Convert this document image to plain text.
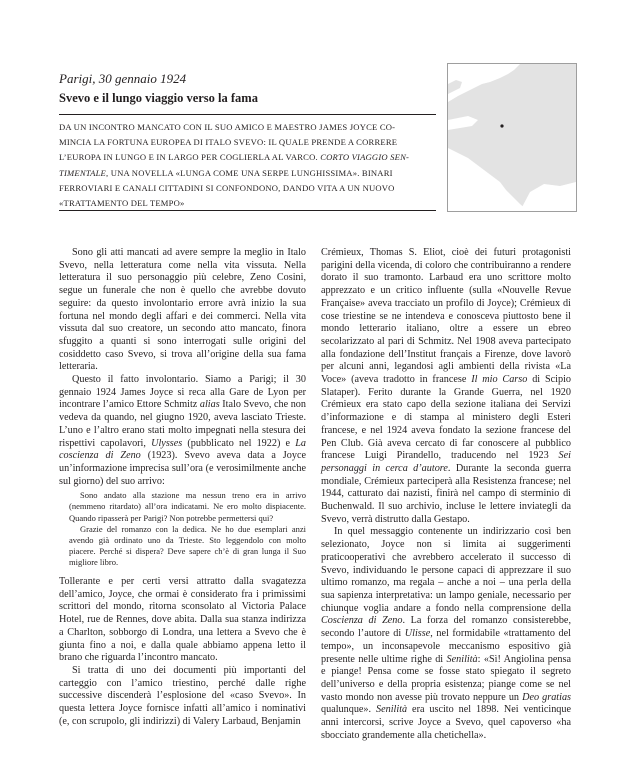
Parigi, 30 gennaio 1924

Svevo e il lungo viaggio verso la fama

DA UN INCONTRO MANCATO CON IL SUO AMICO E MAESTRO JAMES JOYCE CO-
MINCIA LA FORTUNA EUROPEA DI ITALO SVEVO: IL QUALE PRENDE A CORRERE
L’EUROPA IN LUNGO E IN LARGO PER COGLIERLA AL VARCO. CORTO VIAGGIO SEN-
TIMENTALE, UNA NOVELLA «LUNGA COME UNA SERPE LUNGHISSIMA». BINARI
FERROVIARI E CANALI CITTADINI SI CONFONDONO, DANDO VITA A UN NUOVO
«TRATTAMENTO DEL TEMPO»

Sono gli atti mancati ad avere sempre la meglio in Italo Svevo, nella letteratura come nella vita vissuta. Nella letteratura il suo personaggio più celebre, Zeno Cosini, segue un funerale che non è quello che avrebbe dovuto seguire: da questo involontario errore avrà inizio la sua fortuna nel mondo degli affari e dei commerci. Nella vita vissuta dal suo creatore, un secondo atto mancato, finora sfuggito a quanti si sono interrogati sulle origini del cosiddetto caso Svevo, si trova all’origine della sua fama letteraria.

Questo il fatto involontario. Siamo a Parigi; il 30 gennaio 1924 James Joyce si reca alla Gare de Lyon per incontrare l’amico Ettore Schmitz alias Italo Svevo, che non vedeva da quando, nel giugno 1920, aveva lasciato Trieste. L’uno e l’altro erano stati molto impegnati nella stesura dei rispettivi capolavori, Ulysses (pubblicato nel 1922) e La coscienza di Zeno (1923). Svevo aveva data a Joyce un’informazione imprecisa sull’ora (e verosimilmente anche sul giorno) del suo arrivo:

Sono andato alla stazione ma nessun treno era in arrivo (nemmeno ritardato) all’ora indicatami. Ne ero molto dispiacente. Quando ripasserà per Parigi? Non potrebbe permettersi qui?

Grazie del romanzo con la dedica. Ne ho due esemplari anzi avendo già ordinato uno da Trieste. Sto leggendolo con molto piacere. Perché si dispera? Deve sapere ch’è di gran lunga il Suo migliore libro.

Tollerante e per certi versi attratto dalla svagatezza dell’amico, Joyce, che ormai è considerato fra i primissimi scrittori del mondo, ritorna sconsolato al Victoria Palace Hotel, rue de Rennes, dove abita. Dalla sua stanza indirizza a Charlton, sobborgo di Londra, una lettera a Svevo che è giunta fino a noi, e dalla quale abbiamo appena letto il brano che riguarda l’incontro mancato.

Si tratta di uno dei documenti più importanti del carteggio con l’amico triestino, perché dalle righe successive discenderà l’esplosione del «caso Svevo». In questa lettera Joyce fornisce infatti all’amico i nominativi (e, con scrupolo, gli indirizzi) di Valery Larbaud, Benjamin

Crémieux, Thomas S. Eliot, cioè dei futuri protagonisti parigini della vicenda, di coloro che contribuiranno a rendere dorato il suo tramonto. Larbaud era uno scrittore molto apprezzato e un critico influente (sulla «Nouvelle Revue Française» aveva tracciato un profilo di Joyce); Crémieux di cose triestine se ne intendeva e conosceva piuttosto bene il mondo letterario italiano, oltre a essere un ebreo secolarizzato al pari di Schmitz. Nel 1908 aveva partecipato alla fondazione dell’Institut français a Firenze, dove lavorò per alcuni anni, legandosi agli ambienti della rivista «La Voce» (aveva tradotto in francese Il mio Carso di Scipio Slataper). Ferito durante la Grande Guerra, nel 1920 Crémieux era stato capo della sezione italiana dei Servizi d’informazione e di stampa al ministero degli Esteri francese, e nel 1924 aveva fondato la sezione francese del Pen Club. Già aveva cercato di far conoscere al pubblico francese Luigi Pirandello, traducendo nel 1923 Sei personaggi in cerca d’autore. Durante la seconda guerra mondiale, Crémieux parteciperà alla Resistenza francese; nel 1944, catturato dai nazisti, finirà nel campo di sterminio di Buchenwald. Il suo archivio, incluse le lettere inviategli da Svevo, verrà distrutto dalla Gestapo.

In quel messaggio contenente un indirizzario così ben selezionato, Joyce non si limita ai suggerimenti praticooperativi che avrebbero accelerato il successo di Svevo, individuando le persone capaci di apprezzare il suo ultimo romanzo, ma regala – anche a noi – una perla della sua sapienza interpretativa: un lampo geniale, necessario per chiunque voglia andare a fondo nella comprensione della Coscienza di Zeno. La forza del romanzo consisterebbe, secondo l’autore di Ulisse, nel formidabile «trattamento del tempo», un inconsapevole meccanismo espositivo già presente nelle ultime righe di Senilità: «Sì! Angiolina pensa e piange! Pensa come se fosse stato spiegato il segreto dell’universo e della propria esistenza; piange come se nel vasto mondo non avesse più trovato neppure un Deo gratias qualunque». Senilità era uscito nel 1898. Nei venticinque anni intercorsi, scrive Joyce a Svevo, quel capoverso «ha sbocciato grandemente alla chetichella».
